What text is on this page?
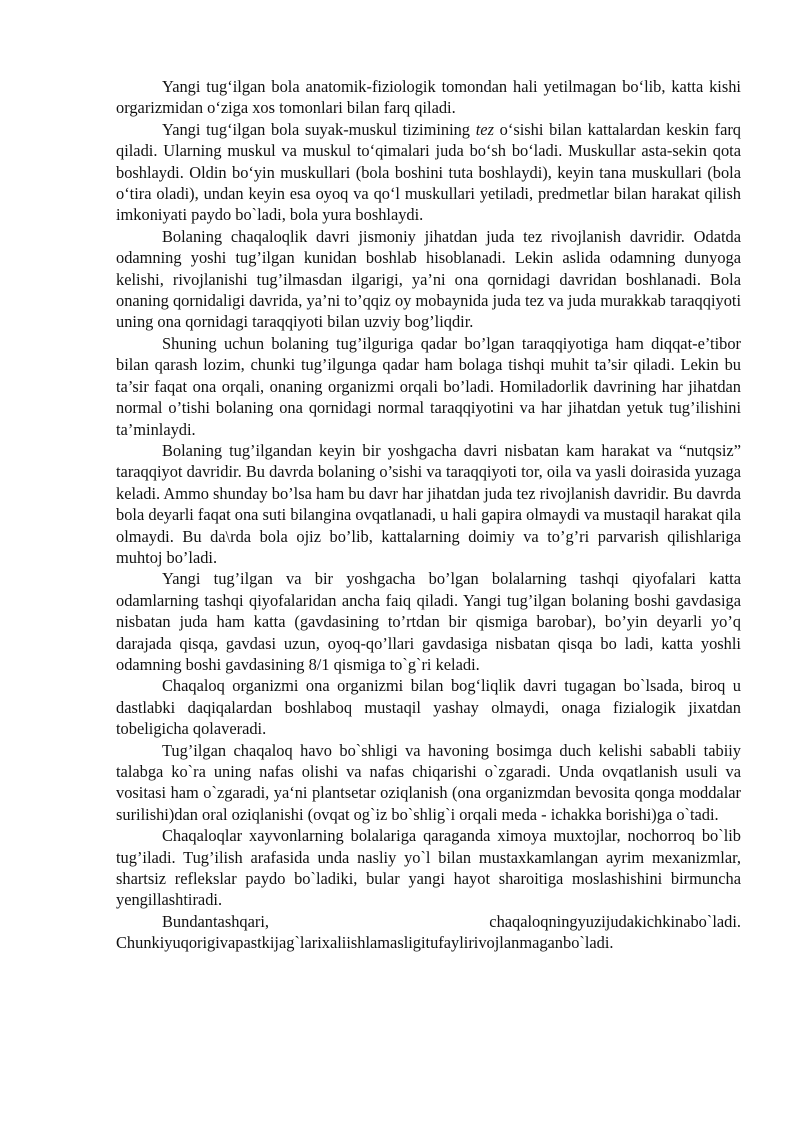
Yangi tug‘ilgan bola anatomik-fiziologik tomondan hali yetilmagan bo‘lib, katta kishi orgarizmidan o‘ziga xos tomonlari bilan farq qiladi.

Yangi tug‘ilgan bola suyak-muskul tizimining tez o‘sishi bilan kattalardan keskin farq qiladi. Ularning muskul va muskul to‘qimalari juda bo‘sh bo‘ladi. Muskullar asta-sekin qota boshlaydi. Oldin bo‘yin muskullari (bola boshini tuta boshlaydi), keyin tana muskullari (bola o‘tira oladi), undan keyin esa oyoq va qo‘l muskullari yetiladi, predmetlar bilan harakat qilish imkoniyati paydo bo`ladi, bola yura boshlaydi.

Bolaning chaqaloqlik davri jismoniy jihatdan juda tez rivojlanish davridir. Odatda odamning yoshi tug’ilgan kunidan boshlab hisoblanadi. Lekin aslida odamning dunyoga kelishi, rivojlanishi tug’ilmasdan ilgarigi, ya’ni ona qornidagi davridan boshlanadi. Bola onaning qornidaligi davrida, ya’ni to’qqiz oy mobaynida juda tez va juda murakkab taraqqiyoti uning ona qornidagi taraqqiyoti bilan uzviy bog’liqdir.

Shuning uchun bolaning tug’ilguriga qadar bo’lgan taraqqiyotiga ham diqqat-e’tibor bilan qarash lozim, chunki tug’ilgunga qadar ham bolaga tishqi muhit ta’sir qiladi. Lekin bu ta’sir faqat ona orqali, onaning organizmi orqali bo’ladi. Homiladorlik davrining har jihatdan normal o’tishi bolaning ona qornidagi normal taraqqiyotini va har jihatdan yetuk tug’ilishini ta’minlaydi.

Bolaning tug’ilgandan keyin bir yoshgacha davri nisbatan kam harakat va “nutqsiz” taraqqiyot davridir. Bu davrda bolaning o’sishi va taraqqiyoti tor, oila va yasli doirasida yuzaga keladi. Ammo shunday bo’lsa ham bu davr har jihatdan juda tez rivojlanish davridir. Bu davrda bola deyarli faqat ona suti bilangina ovqatlanadi, u hali gapira olmaydi va mustaqil harakat qila olmaydi. Bu da\rda bola ojiz bo’lib, kattalarning doimiy va to’g’ri parvarish qilishlariga muhtoj bo’ladi.

Yangi tug’ilgan va bir yoshgacha bo’lgan bolalarning tashqi qiyofalari katta odamlarning tashqi qiyofalaridan ancha faiq qiladi. Yangi tug’ilgan bolaning boshi gavdasiga nisbatan juda ham katta (gavdasining to’rtdan bir qismiga barobar), bo’yin deyarli yo’q darajada qisqa, gavdasi uzun, oyoq-qo’llari gavdasiga nisbatan qisqa bo ladi, katta yoshli odamning boshi gavdasining 8/1 qismiga to`g`ri keladi.

Chaqaloq organizmi ona organizmi bilan bog‘liqlik davri tugagan bo`lsada, biroq u dastlabki daqiqalardan boshlaboq mustaqil yashay olmaydi, onaga fizialogik jixatdan tobeligicha qolaveradi.

Tug’ilgan chaqaloq havo bo`shligi va havoning bosimga duch kelishi sababli tabiiy talabga ko`ra uning nafas olishi va nafas chiqarishi o`zgaradi. Unda ovqatlanish usuli va vositasi ham o`zgaradi, ya‘ni plantsetar oziqlanish (ona organizmdan bevosita qonga moddalar surilishi)dan oral oziqlanishi (ovqat og`iz bo`shlig`i orqali meda - ichakka borishi)ga o`tadi.

Chaqaloqlar xayvonlarning bolalariga qaraganda ximoya muxtojlar, nochorroq bo`lib tug’iladi. Tug’ilish arafasida unda nasliy yo`l bilan mustaxkamlangan ayrim mexanizmlar, shartsiz reflekslar paydo bo`ladiki, bular yangi hayot sharoitiga moslashishini birmuncha yengillashtiradi.

Bundantashqari, chaqaloqningyuzijudakichkinabo`ladi. Chunkiyuqorigivapastkijag`larixaliishlamasligitufaylirivojlanmaganbo`ladi.
